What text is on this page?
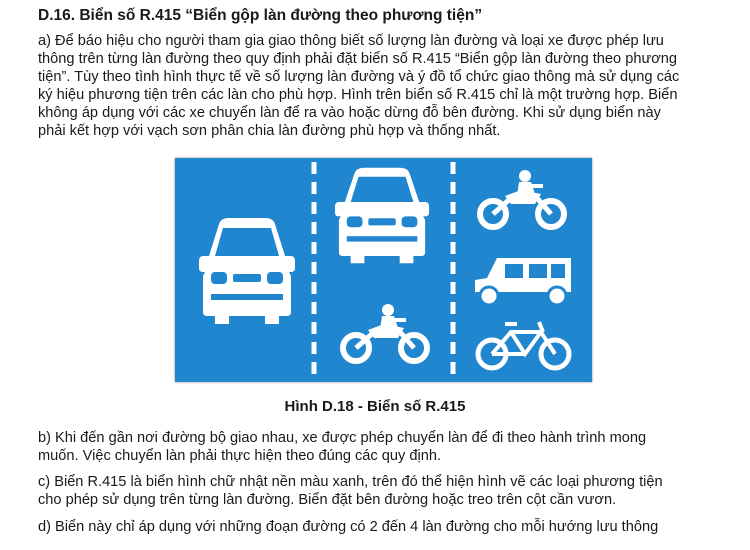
D.16. Biển số R.415 “Biển gộp làn đường theo phương tiện”

a) Để báo hiệu cho người tham gia giao thông biết số lượng làn đường và loại xe được phép lưu
thông trên từng làn đường theo quy định phải đặt biển số R.415 “Biển gộp làn đường theo phương
tiện”. Tùy theo tình hình thực tế về số lượng làn đường và ý đồ tổ chức giao thông mà sử dụng các
ký hiệu phương tiện trên các làn cho phù hợp. Hình trên biển số R.415 chỉ là một trường hợp. Biển
không áp dụng với các xe chuyển làn để ra vào hoặc dừng đỗ bên đường. Khi sử dụng biển này
phải kết hợp với vạch sơn phân chia làn đường phù hợp và thống nhất.

Hình D.18 - Biển số R.415

b) Khi đến gần nơi đường bộ giao nhau, xe được phép chuyển làn để đi theo hành trình mong
muốn. Việc chuyển làn phải thực hiện theo đúng các quy định.

c) Biển R.415 là biển hình chữ nhật nền màu xanh, trên đó thể hiện hình vẽ các loại phương tiện
cho phép sử dụng trên từng làn đường. Biển đặt bên đường hoặc treo trên cột cần vươn.

d) Biển này chỉ áp dụng với những đoạn đường có 2 đến 4 làn đường cho mỗi hướng lưu thông
